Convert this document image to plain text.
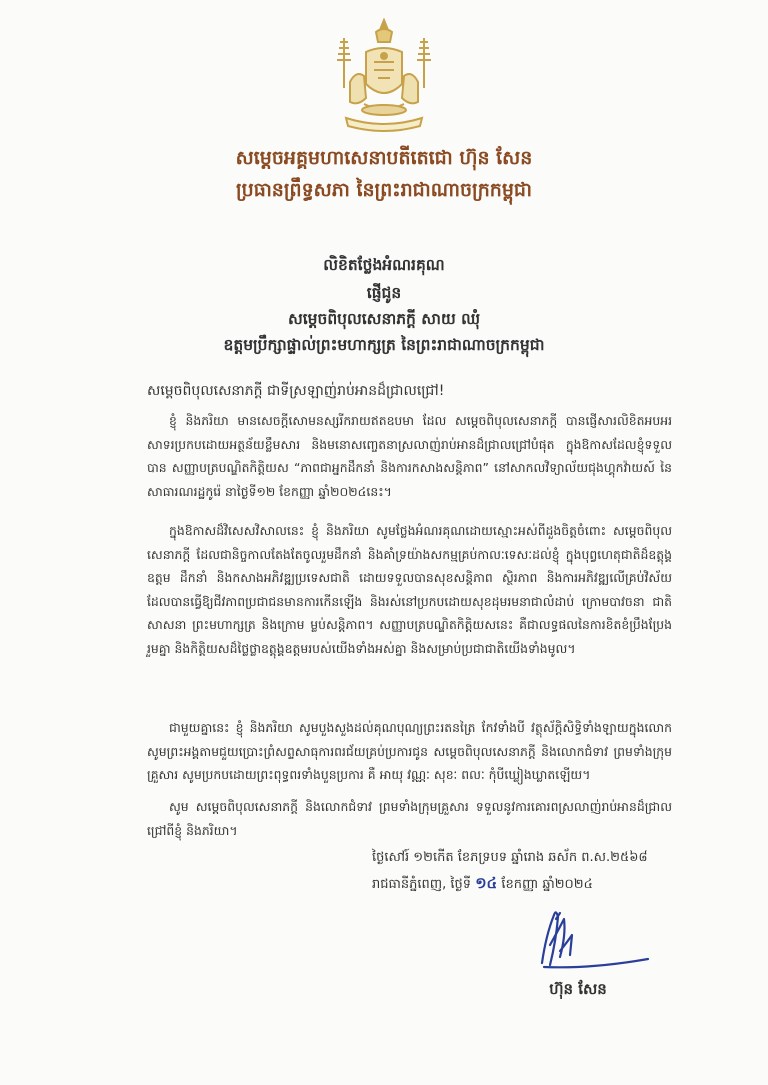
សម្តេចអគ្គមហាសេនាបតីតេជោ ហ៊ុន សែន
ប្រធានព្រឹទ្ធសភា នៃព្រះរាជាណាចក្រកម្ពុជា
លិខិតថ្លែងអំណរគុណ
ផ្ញើជូន
សម្តេចពិបុលសេនាភក្តី សាយ ឈុំ
ឧត្តមប្រឹក្សាផ្ទាល់ព្រះមហាក្សត្រ នៃព្រះរាជាណាចក្រកម្ពុជា
សម្តេចពិបុលសេនាភក្តី ជាទីស្រឡាញ់រាប់អានដ៏ជ្រាលជ្រៅ!
ខ្ញុំ និងភរិយា មានសេចក្តីសោមនស្សរីករាយឥតឧបមា ដែល សម្តេចពិបុលសេនាភក្តី បានផ្ញើសារលិខិតអបអរសាទរប្រកបដោយអត្ថន័យខ្លឹមសារ និងមនោសញ្ចេតនាស្រលាញ់រាប់អានដ៏ជ្រាលជ្រៅបំផុត ក្នុងឱកាសដែលខ្ញុំទទួលបាន សញ្ញាបត្របណ្ឌិតកិត្តិយស “ភាពជាអ្នកដឹកនាំ និងការកសាងសន្តិភាព” នៅសាកលវិទ្យាល័យជុងហ្គុកវ៉ាយស៍ នៃសាធារណរដ្ឋកូរ៉េ នាថ្ងៃទី១២ ខែកញ្ញា ឆ្នាំ២០២៤នេះ។
ក្នុងឱកាសដ៏វិសេសវិសាលនេះ ខ្ញុំ និងភរិយា សូមថ្លែងអំណរគុណដោយស្មោះអស់ពីដួងចិត្តចំពោះ សម្តេចពិបុលសេនាភក្តី ដែលជានិច្ចកាលតែងតែចូលរួមដឹកនាំ និងគាំទ្រយ៉ាងសកម្មគ្រប់កាលៈទេសៈដល់ខ្ញុំ ក្នុងបុព្វហេតុជាតិដ៏ឧត្តុង្គឧត្តម ដឹកនាំ និងកសាងអភិវឌ្ឍប្រទេសជាតិ ដោយទទួលបានសុខសន្តិភាព ស្ថិរភាព និងការអភិវឌ្ឍលើគ្រប់វិស័យ ដែលបានធ្វើឱ្យជីវភាពប្រជាជនមានការកើនឡើង និងរស់នៅប្រកបដោយសុខដុមរមនាជាលំដាប់ ក្រោមបាវចនា ជាតិ សាសនា ព្រះមហាក្សត្រ និងក្រោម ម្លប់សន្តិភាព។ សញ្ញាបត្របណ្ឌិតកិត្តិយសនេះ គឺជាលទ្ធផលនៃការខិតខំប្រឹងប្រែងរួមគ្នា និងកិត្តិយសដ៏ថ្លៃថ្លាឧត្តុង្គឧត្តមរបស់យើងទាំងអស់គ្នា និងសម្រាប់ប្រជាជាតិយើងទាំងមូល។
ជាមួយគ្នានេះ ខ្ញុំ និងភរិយា សូមបួងសួងដល់គុណបុណ្យព្រះរតនត្រៃ កែវទាំងបី វត្ថុស័ក្តិសិទ្ធិទាំងឡាយក្នុងលោក សូមព្រះអង្គតាមជួយប្រោះព្រំសព្ទសាធុការពរជ័យគ្រប់ប្រការជូន សម្តេចពិបុលសេនាភក្តី និងលោកជំទាវ ព្រមទាំងក្រុមគ្រួសារ សូមប្រកបដោយព្រះពុទ្ធពរទាំងបួនប្រការ គឺ អាយុ វណ្ណៈ សុខៈ ពលៈ កុំបីឃ្លៀងឃ្លាតឡើយ។
សូម សម្តេចពិបុលសេនាភក្តី និងលោកជំទាវ ព្រមទាំងក្រុមគ្រួសារ ទទួលនូវការគោរពស្រលាញ់រាប់អានដ៏ជ្រាលជ្រៅពីខ្ញុំ និងភរិយា។
ថ្ងៃសៅរ៍ ១២កើត ខែភទ្របទ ឆ្នាំរោង ឆស័ក ព.ស.២៥៦៨
រាជធានីភ្នំពេញ, ថ្ងៃទី ១៤ ខែកញ្ញា ឆ្នាំ២០២៤
ហ៊ុន សែន
